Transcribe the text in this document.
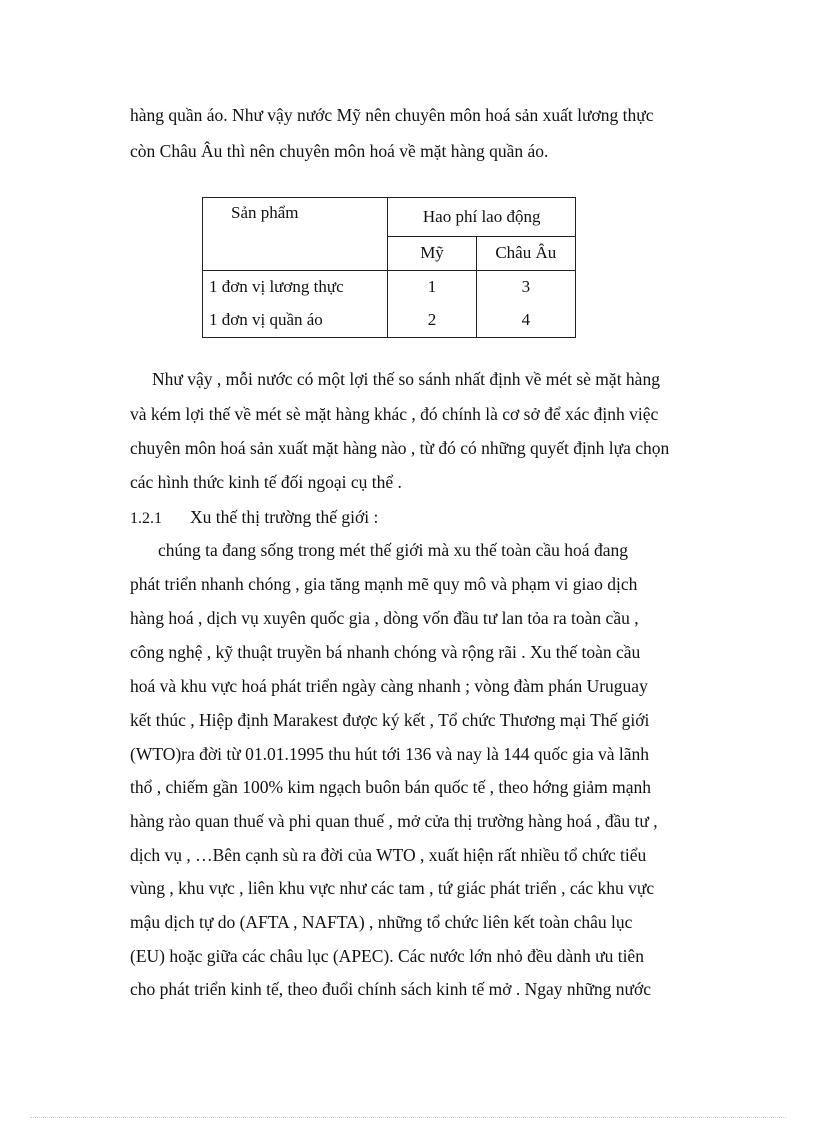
hàng quần áo. Như vậy nước Mỹ nên chuyên môn hoá sản xuất lương thực
còn Châu Âu thì nên chuyên môn hoá về mặt hàng quần áo.
Sản phẩm	Hao phí lao động	
	Mỹ	Châu Âu
1 đơn vị lương thực	1	3
1 đơn vị quần áo	2	4
Như vậy , mỗi nước có một lợi thế so sánh nhất định về mét sè mặt hàng
và kém lợi thế về mét sè mặt hàng khác , đó chính là cơ sở để xác định việc
chuyên môn hoá sản xuất mặt hàng nào , từ đó có những quyết định lựa chọn
các hình thức kinh tế đối ngoại cụ thể .
1.2.1 Xu thế thị trường thế giới :
chúng ta đang sống trong mét thế giới mà xu thế toàn cầu hoá đang
phát triển nhanh chóng , gia tăng mạnh mẽ quy mô và phạm vi giao dịch
hàng hoá , dịch vụ xuyên quốc gia , dòng vốn đầu tư lan tỏa ra toàn cầu ,
công nghệ , kỹ thuật truyền bá nhanh chóng và rộng rãi . Xu thế toàn cầu
hoá và khu vực hoá phát triển ngày càng nhanh ; vòng đàm phán Uruguay
kết thúc , Hiệp định Marakest được ký kết , Tổ chức Thương mại Thế giới
(WTO)ra đời từ 01.01.1995 thu hút tới 136 và nay là 144 quốc gia và lãnh
thổ , chiếm gần 100% kim ngạch buôn bán quốc tế , theo hớng giảm mạnh
hàng rào quan thuế và phi quan thuế , mở cửa thị trường hàng hoá , đầu tư ,
dịch vụ , …Bên cạnh sù ra đời của WTO , xuất hiện rất nhiều tổ chức tiểu
vùng , khu vực , liên khu vực như các tam , tứ giác phát triển , các khu vực
mậu dịch tự do (AFTA , NAFTA) , những tổ chức liên kết toàn châu lục
(EU) hoặc giữa các châu lục (APEC). Các nước lớn nhỏ đều dành ưu tiên
cho phát triển kinh tế, theo đuổi chính sách kinh tế mở . Ngay những nước
